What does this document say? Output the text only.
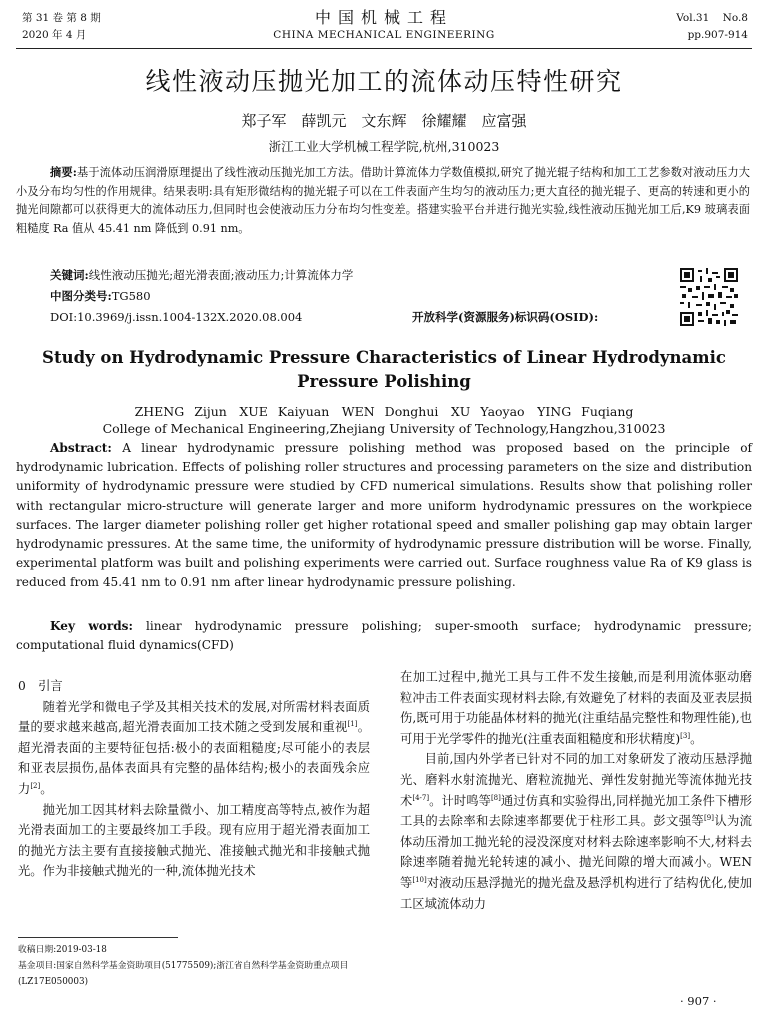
第 31 卷 第 8 期
2020 年 4 月
中国机械工程
CHINA MECHANICAL ENGINEERING
Vol.31    No.8
pp.907-914
线性液动压抛光加工的流体动压特性研究
郑子军　薛凯元　文东辉　徐耀耀　应富强
浙江工业大学机械工程学院,杭州,310023
摘要:基于流体动压润滑原理提出了线性液动压抛光加工方法。借助计算流体力学数值模拟,研究了抛光辊子结构和加工工艺参数对液动压力大小及分布均匀性的作用规律。结果表明:具有矩形微结构的抛光辊子可以在工件表面产生均匀的液动压力;更大直径的抛光辊子、更高的转速和更小的抛光间隙都可以获得更大的流体动压力,但同时也会使液动压力分布均匀性变差。搭建实验平台并进行抛光实验,线性液动压抛光加工后,K9 玻璃表面粗糙度 Ra 值从 45.41 nm 降低到 0.91 nm。
关键词:线性液动压抛光;超光滑表面;液动压力;计算流体力学
中图分类号:TG580
DOI:10.3969/j.issn.1004-132X.2020.08.004	开放科学(资源服务)标识码(OSID):
Study on Hydrodynamic Pressure Characteristics of Linear Hydrodynamic
Pressure Polishing
ZHENG Zijun　XUE Kaiyuan　WEN Donghui　XU Yaoyao　YING Fuqiang
College of Mechanical Engineering,Zhejiang University of Technology,Hangzhou,310023
Abstract: A linear hydrodynamic pressure polishing method was proposed based on the principle of hydrodynamic lubrication. Effects of polishing roller structures and processing parameters on the size and distribution uniformity of hydrodynamic pressure were studied by CFD numerical simulations. Results show that polishing roller with rectangular micro-structure will generate larger and more uniform hydrodynamic pressures on the workpiece surfaces. The larger diameter polishing roller get higher rotational speed and smaller polishing gap may obtain larger hydrodynamic pressures. At the same time, the uniformity of hydrodynamic pressure distribution will be worse. Finally, experimental platform was built and polishing experiments were carried out. Surface roughness value Ra of K9 glass is reduced from 45.41 nm to 0.91 nm after linear hydrodynamic pressure polishing.
Key words: linear hydrodynamic pressure polishing; super-smooth surface; hydrodynamic pressure; computational fluid dynamics(CFD)

0　引言

随着光学和微电子学及其相关技术的发展,对所需材料表面质量的要求越来越高,超光滑表面加工技术随之受到发展和重视[1]。超光滑表面的主要特征包括:极小的表面粗糙度;尽可能小的表层和亚表层损伤,晶体表面具有完整的晶体结构;极小的表面残余应力[2]。

抛光加工因其材料去除量微小、加工精度高等特点,被作为超光滑表面加工的主要最终加工手段。现有应用于超光滑表面加工的抛光方法主要有直接接触式抛光、准接触式抛光和非接触式抛光。作为非接触式抛光的一种,流体抛光技术

在加工过程中,抛光工具与工件不发生接触,而是利用流体驱动磨粒冲击工件表面实现材料去除,有效避免了材料的表面及亚表层损伤,既可用于功能晶体材料的抛光(注重结晶完整性和物理性能),也可用于光学零件的抛光(注重表面粗糙度和形状精度)[3]。

目前,国内外学者已针对不同的加工对象研发了液动压悬浮抛光、磨料水射流抛光、磨粒流抛光、弹性发射抛光等流体抛光技术[4-7]。计时鸣等[8]通过仿真和实验得出,同样抛光加工条件下槽形工具的去除率和去除速率都要优于柱形工具。彭文强等[9]认为流体动压滑加工抛光轮的浸没深度对材料去除速率影响不大,材料去除速率随着抛光轮转速的减小、抛光间隙的增大而减小。WEN 等[10]对液动压悬浮抛光的抛光盘及悬浮机构进行了结构优化,使加工区域流体动力

收稿日期:2019-03-18
基金项目:国家自然科学基金资助项目(51775509);浙江省自然科学基金资助重点项目(LZ17E050003)
· 907 ·
